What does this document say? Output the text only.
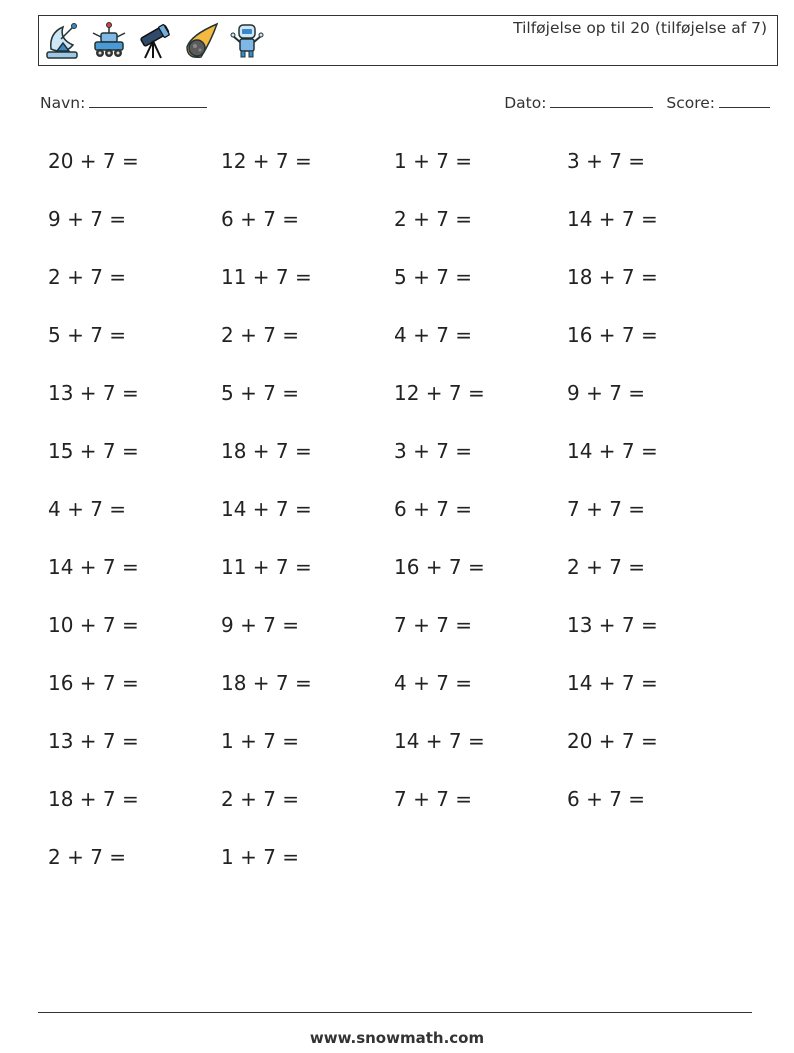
Tilføjelse op til 20 (tilføjelse af 7)
Navn:	Dato:	Score:
20 + 7 =	12 + 7 =	1 + 7 =	3 + 7 =
9 + 7 =	6 + 7 =	2 + 7 =	14 + 7 =
2 + 7 =	11 + 7 =	5 + 7 =	18 + 7 =
5 + 7 =	2 + 7 =	4 + 7 =	16 + 7 =
13 + 7 =	5 + 7 =	12 + 7 =	9 + 7 =
15 + 7 =	18 + 7 =	3 + 7 =	14 + 7 =
4 + 7 =	14 + 7 =	6 + 7 =	7 + 7 =
14 + 7 =	11 + 7 =	16 + 7 =	2 + 7 =
10 + 7 =	9 + 7 =	7 + 7 =	13 + 7 =
16 + 7 =	18 + 7 =	4 + 7 =	14 + 7 =
13 + 7 =	1 + 7 =	14 + 7 =	20 + 7 =
18 + 7 =	2 + 7 =	7 + 7 =	6 + 7 =
2 + 7 =	1 + 7 =
www.snowmath.com
